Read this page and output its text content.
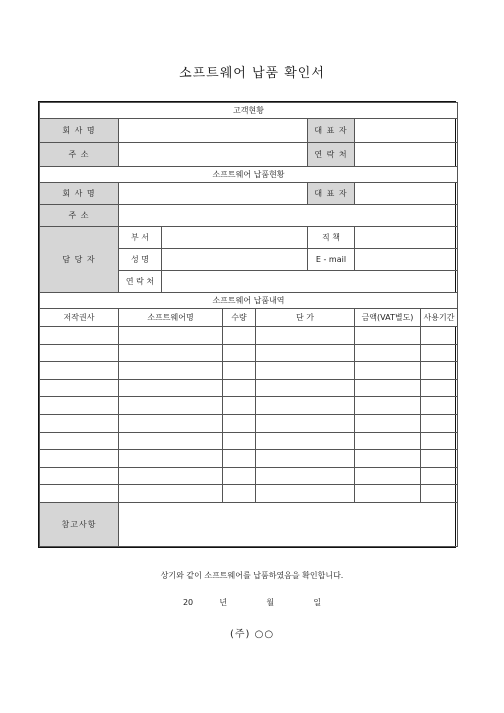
소프트웨어 납품 확인서
고객현황							
회 사 명					대 표 자		
주 소					연 락 처		
소프트웨어 납품현황							
회 사 명					대 표 자		
주 소							
담 당 자	부 서				직 책		
	성 명				E - mail		
	연 락 처						
소프트웨어 납품내역							
저작권사	소프트웨어명		수량	단 가		금액(VAT별도)	사용기간

참고사항							
상기와 같이 소프트웨어를 납품하였음을 확인합니다.
20	년	월	일
(주) ○○
